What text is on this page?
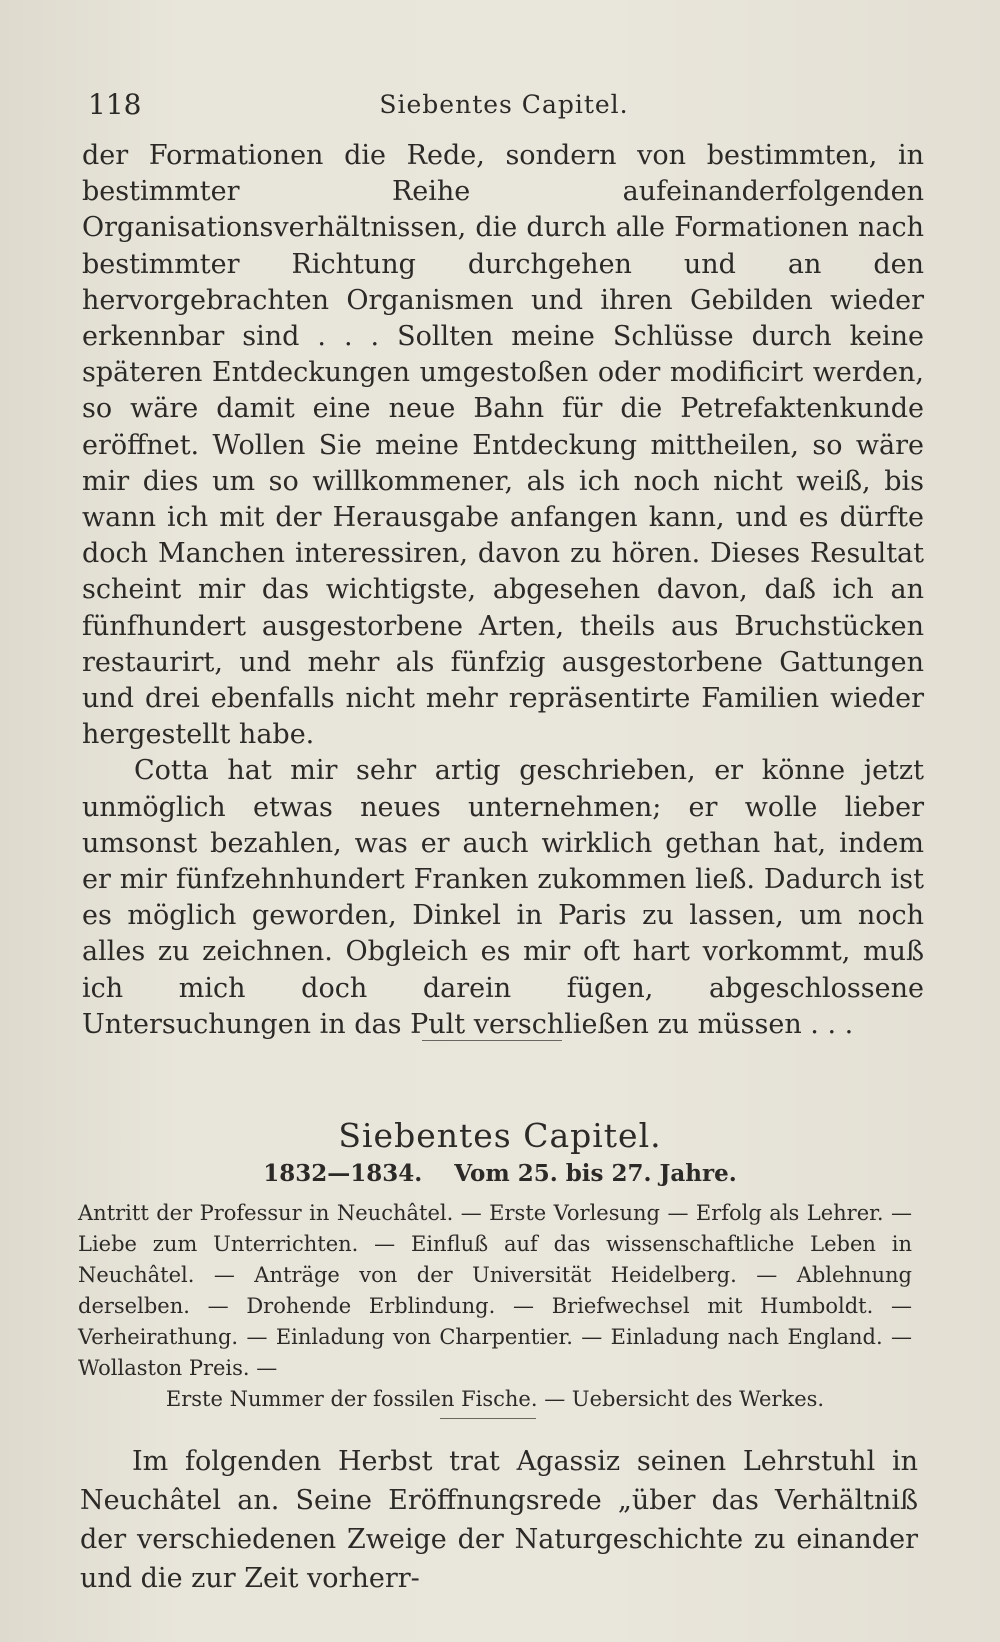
118	Siebentes Capitel.

der Formationen die Rede, sondern von bestimmten, in bestimmter Reihe aufeinanderfolgenden Organisationsverhältnissen, die durch alle Formationen nach bestimmter Richtung durchgehen und an den hervorgebrachten Organismen und ihren Gebilden wieder erkennbar sind . . . Sollten meine Schlüsse durch keine späteren Entdeckungen umgestoßen oder modificirt werden, so wäre damit eine neue Bahn für die Petrefaktenkunde eröffnet. Wollen Sie meine Entdeckung mittheilen, so wäre mir dies um so willkommener, als ich noch nicht weiß, bis wann ich mit der Herausgabe anfangen kann, und es dürfte doch Manchen interessiren, davon zu hören. Dieses Resultat scheint mir das wichtigste, abgesehen davon, daß ich an fünfhundert ausgestorbene Arten, theils aus Bruchstücken restaurirt, und mehr als fünfzig ausgestorbene Gattungen und drei ebenfalls nicht mehr repräsentirte Familien wieder hergestellt habe.

Cotta hat mir sehr artig geschrieben, er könne jetzt unmöglich etwas neues unternehmen; er wolle lieber umsonst bezahlen, was er auch wirklich gethan hat, indem er mir fünfzehnhundert Franken zukommen ließ. Dadurch ist es möglich geworden, Dinkel in Paris zu lassen, um noch alles zu zeichnen. Obgleich es mir oft hart vorkommt, muß ich mich doch darein fügen, abgeschlossene Untersuchungen in das Pult verschließen zu müssen . . .

Siebentes Capitel.
1832—1834. Vom 25. bis 27. Jahre.
Antritt der Professur in Neuchâtel. — Erste Vorlesung — Erfolg als Lehrer. — Liebe zum Unterrichten. — Einfluß auf das wissenschaftliche Leben in Neuchâtel. — Anträge von der Universität Heidelberg. — Ablehnung derselben. — Drohende Erblindung. — Briefwechsel mit Humboldt. — Verheirathung. — Einladung von Charpentier. — Einladung nach England. — Wollaston Preis. —
Erste Nummer der fossilen Fische. — Uebersicht des Werkes.

Im folgenden Herbst trat Agassiz seinen Lehrstuhl in Neuchâtel an. Seine Eröffnungsrede „über das Verhältniß der verschiedenen Zweige der Naturgeschichte zu einander und die zur Zeit vorherr-
